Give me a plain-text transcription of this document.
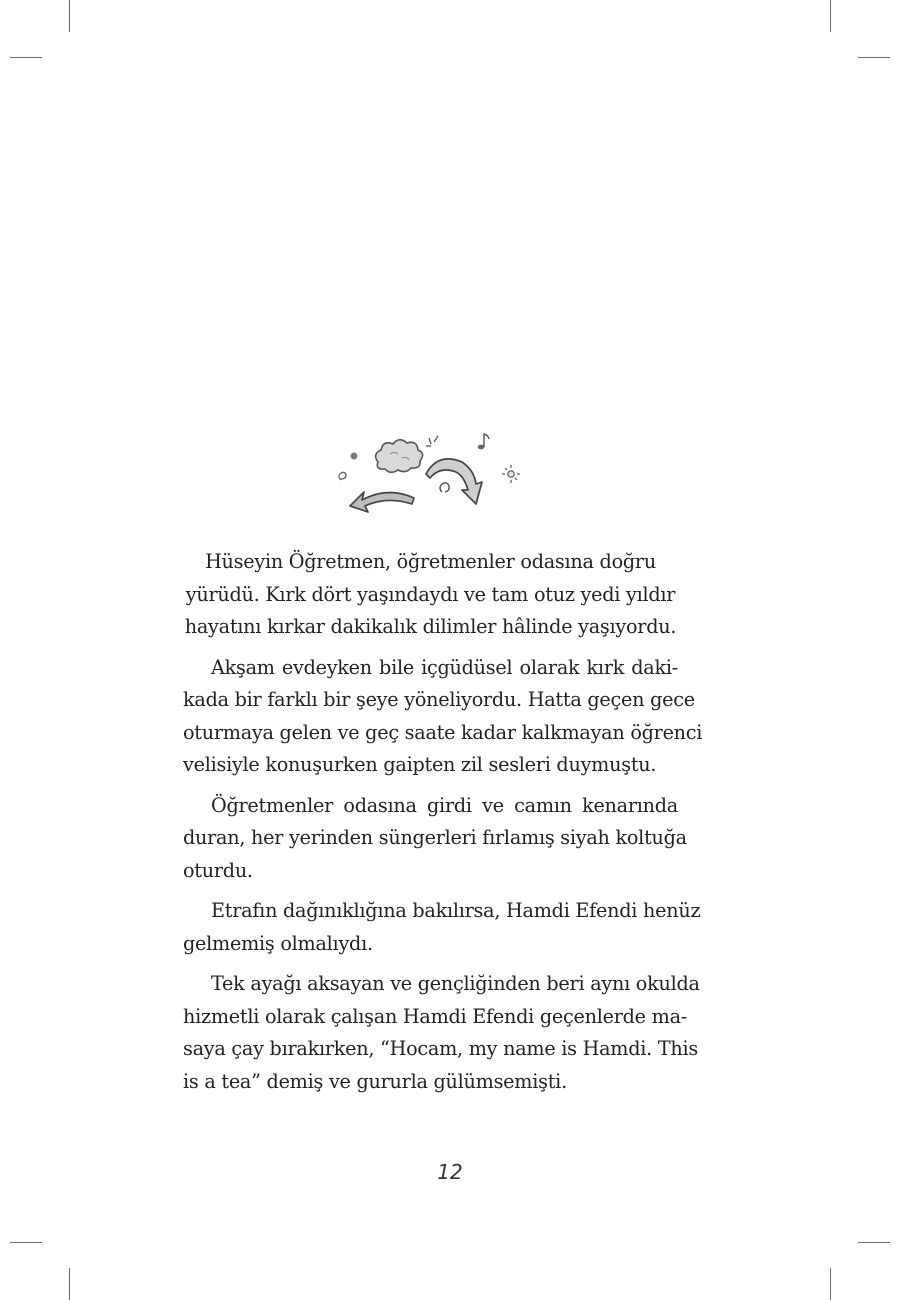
Hüseyin Öğretmen, öğretmenler odasına doğru
yürüdü. Kırk dört yaşındaydı ve tam otuz yedi yıldır
hayatını kırkar dakikalık dilimler hâlinde yaşıyordu.
Akşam evdeyken bile içgüdüsel olarak kırk daki-
kada bir farklı bir şeye yöneliyordu. Hatta geçen gece
oturmaya gelen ve geç saate kadar kalkmayan öğrenci
velisiyle konuşurken gaipten zil sesleri duymuştu.
Öğretmenler odasına girdi ve camın kenarında
duran, her yerinden süngerleri fırlamış siyah koltuğa
oturdu.
Etrafın dağınıklığına bakılırsa, Hamdi Efendi henüz
gelmemiş olmalıydı.
Tek ayağı aksayan ve gençliğinden beri aynı okulda
hizmetli olarak çalışan Hamdi Efendi geçenlerde ma-
saya çay bırakırken, “Hocam, my name is Hamdi. This
is a tea” demiş ve gururla gülümsemişti.
12
